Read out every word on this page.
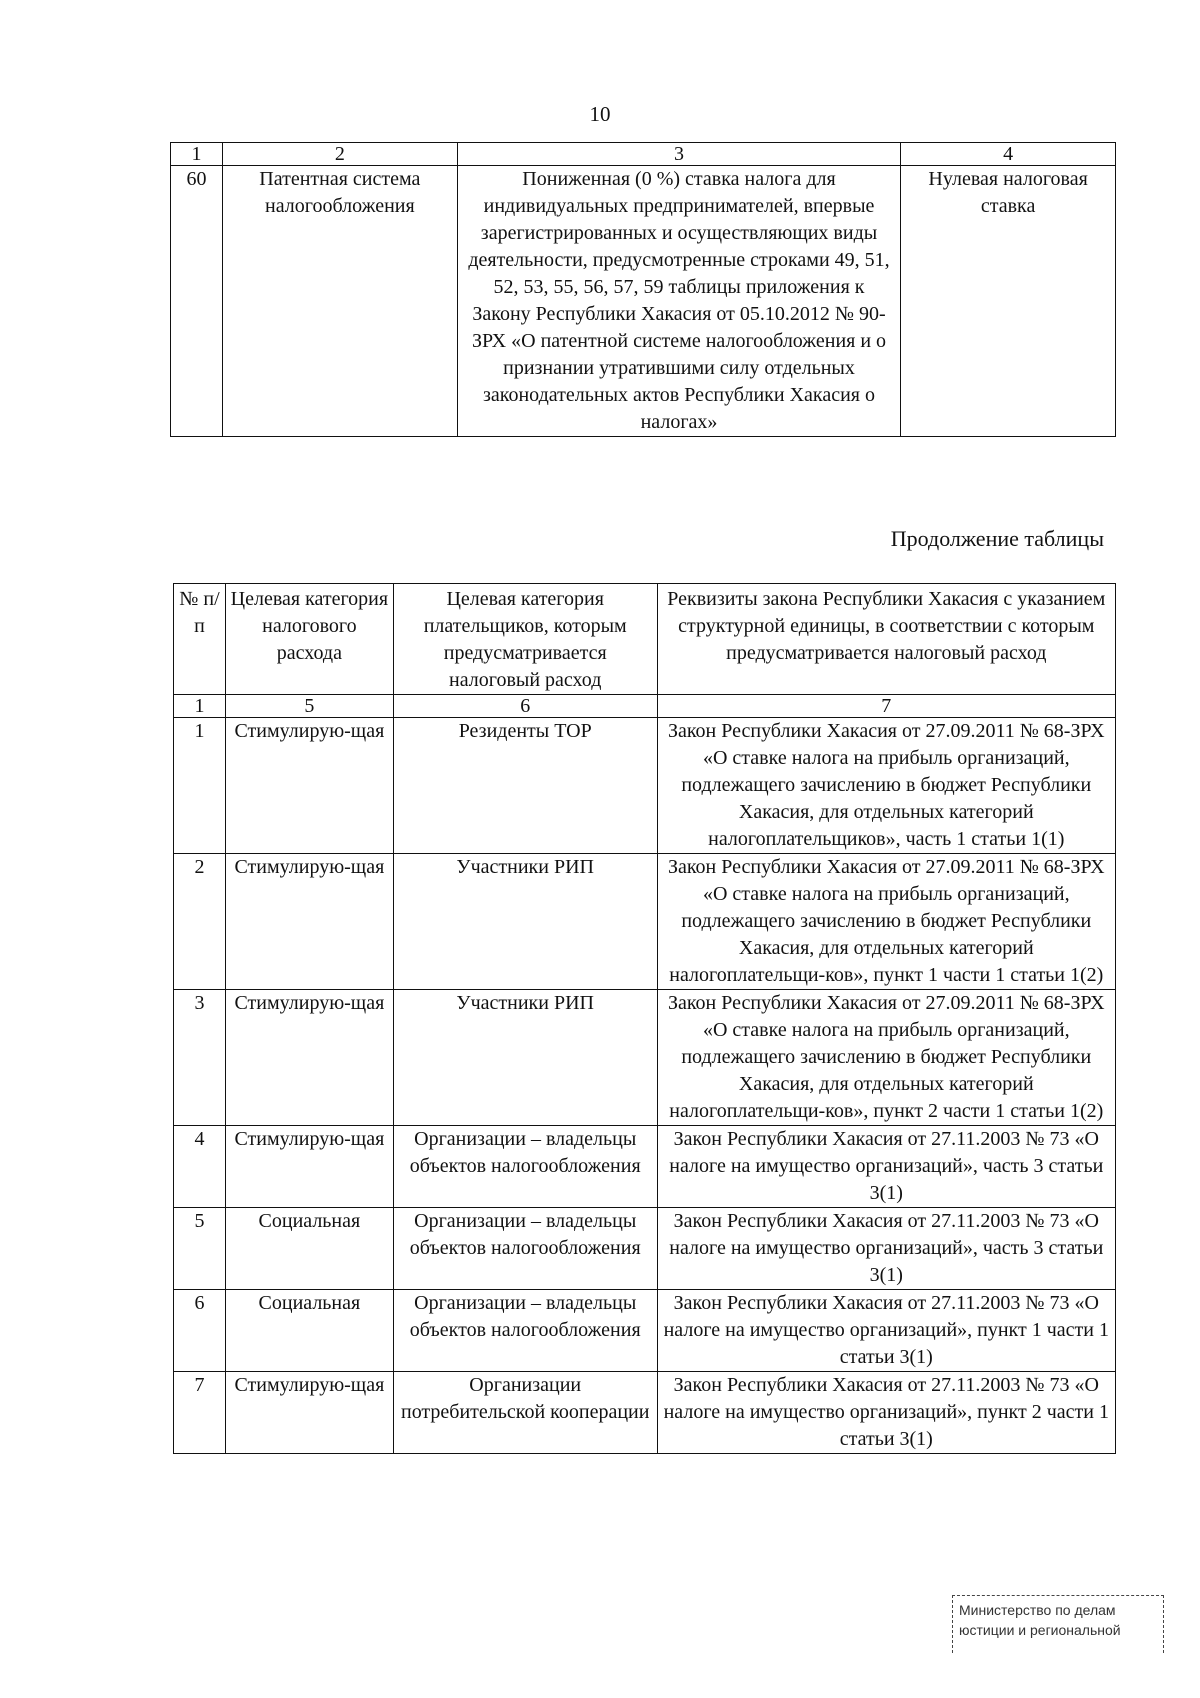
10
1	2	3	4
60	Патентная система налогообложения	Пониженная (0 %) ставка налога для индивидуальных предпринимателей, впервые зарегистрированных и осуществляющих виды деятельности, предусмотренные строками 49, 51, 52, 53, 55, 56, 57, 59 таблицы приложения к Закону Республики Хакасия от 05.10.2012 № 90-ЗРХ «О патентной системе налогообложения и о признании утратившими силу отдельных законодательных актов Республики Хакасия о налогах»	Нулевая налоговая ставка
Продолжение таблицы
№ п/п	Целевая категория налогового расхода	Целевая категория плательщиков, которым предусматривается налоговый расход	Реквизиты закона Республики Хакасия с указанием структурной единицы, в соответствии с которым предусматривается налоговый расход
1	5	6	7
1	Стимулирую-щая	Резиденты ТОР	Закон Республики Хакасия от 27.09.2011 № 68-ЗРХ «О ставке налога на прибыль организаций, подлежащего зачислению в бюджет Республики Хакасия, для отдельных категорий налогоплательщиков», часть 1 статьи 1(1)
2	Стимулирую-щая	Участники РИП	Закон Республики Хакасия от 27.09.2011 № 68-ЗРХ «О ставке налога на прибыль организаций, подлежащего зачислению в бюджет Республики Хакасия, для отдельных категорий налогоплательщи-ков», пункт 1 части 1 статьи 1(2)
3	Стимулирую-щая	Участники РИП	Закон Республики Хакасия от 27.09.2011 № 68-ЗРХ «О ставке налога на прибыль организаций, подлежащего зачислению в бюджет Республики Хакасия, для отдельных категорий налогоплательщи-ков», пункт 2 части 1 статьи 1(2)
4	Стимулирую-щая	Организации – владельцы объектов налогообложения	Закон Республики Хакасия от 27.11.2003 № 73 «О налоге на имущество организаций», часть 3 статьи 3(1)
5	Социальная	Организации – владельцы объектов налогообложения	Закон Республики Хакасия от 27.11.2003 № 73 «О налоге на имущество организаций», часть 3 статьи 3(1)
6	Социальная	Организации – владельцы объектов налогообложения	Закон Республики Хакасия от 27.11.2003 № 73 «О налоге на имущество организаций», пункт 1 части 1 статьи 3(1)
7	Стимулирую-щая	Организации потребительской кооперации	Закон Республики Хакасия от 27.11.2003 № 73 «О налоге на имущество организаций», пункт 2 части 1 статьи 3(1)
Министерство по делам
юстиции и региональной
